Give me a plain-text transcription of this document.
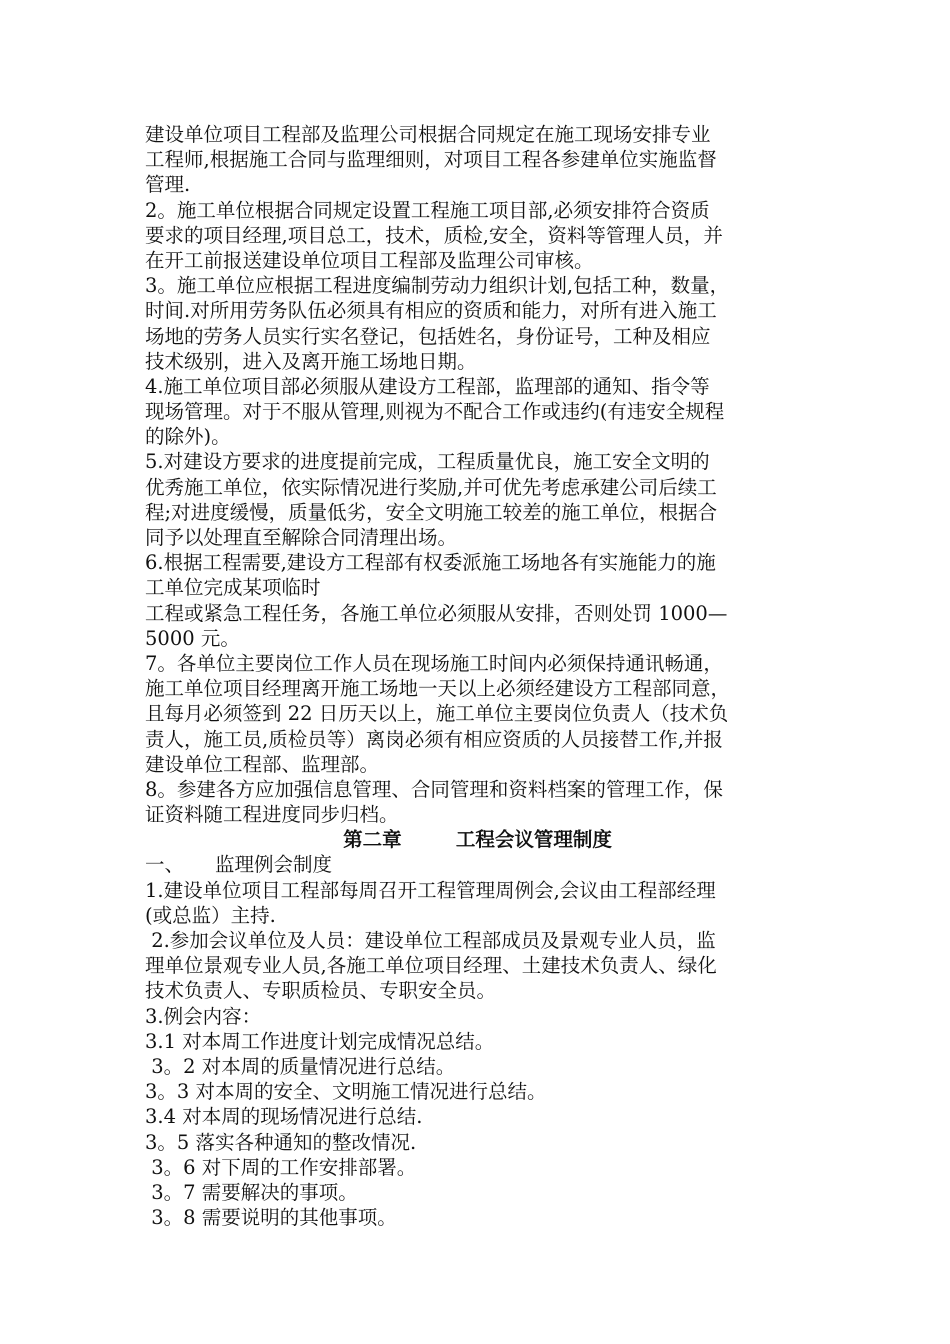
建设单位项目工程部及监理公司根据合同规定在施工现场安排专业
工程师,根据施工合同与监理细则，对项目工程各参建单位实施监督
管理.
2。施工单位根据合同规定设置工程施工项目部,必须安排符合资质
要求的项目经理,项目总工，技术，质检,安全，资料等管理人员，并
在开工前报送建设单位项目工程部及监理公司审核。
3。施工单位应根据工程进度编制劳动力组织计划,包括工种，数量，
时间.对所用劳务队伍必须具有相应的资质和能力，对所有进入施工
场地的劳务人员实行实名登记，包括姓名，身份证号，工种及相应
技术级别，进入及离开施工场地日期。
4.施工单位项目部必须服从建设方工程部，监理部的通知、指令等
现场管理。对于不服从管理,则视为不配合工作或违约(有违安全规程
的除外)。
5.对建设方要求的进度提前完成，工程质量优良，施工安全文明的
优秀施工单位，依实际情况进行奖励,并可优先考虑承建公司后续工
程;对进度缓慢，质量低劣，安全文明施工较差的施工单位，根据合
同予以处理直至解除合同清理出场。
6.根据工程需要,建设方工程部有权委派施工场地各有实施能力的施
工单位完成某项临时
工程或紧急工程任务，各施工单位必须服从安排，否则处罚 1000—
5000 元。
7。各单位主要岗位工作人员在现场施工时间内必须保持通讯畅通，
施工单位项目经理离开施工场地一天以上必须经建设方工程部同意，
且每月必须签到 22 日历天以上，施工单位主要岗位负责人（技术负
责人，施工员,质检员等）离岗必须有相应资质的人员接替工作,并报
建设单位工程部、监理部。
8。参建各方应加强信息管理、合同管理和资料档案的管理工作，保
证资料随工程进度同步归档。
第二章        工程会议管理制度
一、     监理例会制度
1.建设单位项目工程部每周召开工程管理周例会,会议由工程部经理
(或总监）主持.
2.参加会议单位及人员：建设单位工程部成员及景观专业人员，监
理单位景观专业人员,各施工单位项目经理、土建技术负责人、绿化
技术负责人、专职质检员、专职安全员。
3.例会内容：
3.1 对本周工作进度计划完成情况总结。
3。2 对本周的质量情况进行总结。
3。3 对本周的安全、文明施工情况进行总结。
3.4 对本周的现场情况进行总结.
3。5 落实各种通知的整改情况.
3。6 对下周的工作安排部署。
3。7 需要解决的事项。
3。8 需要说明的其他事项。
